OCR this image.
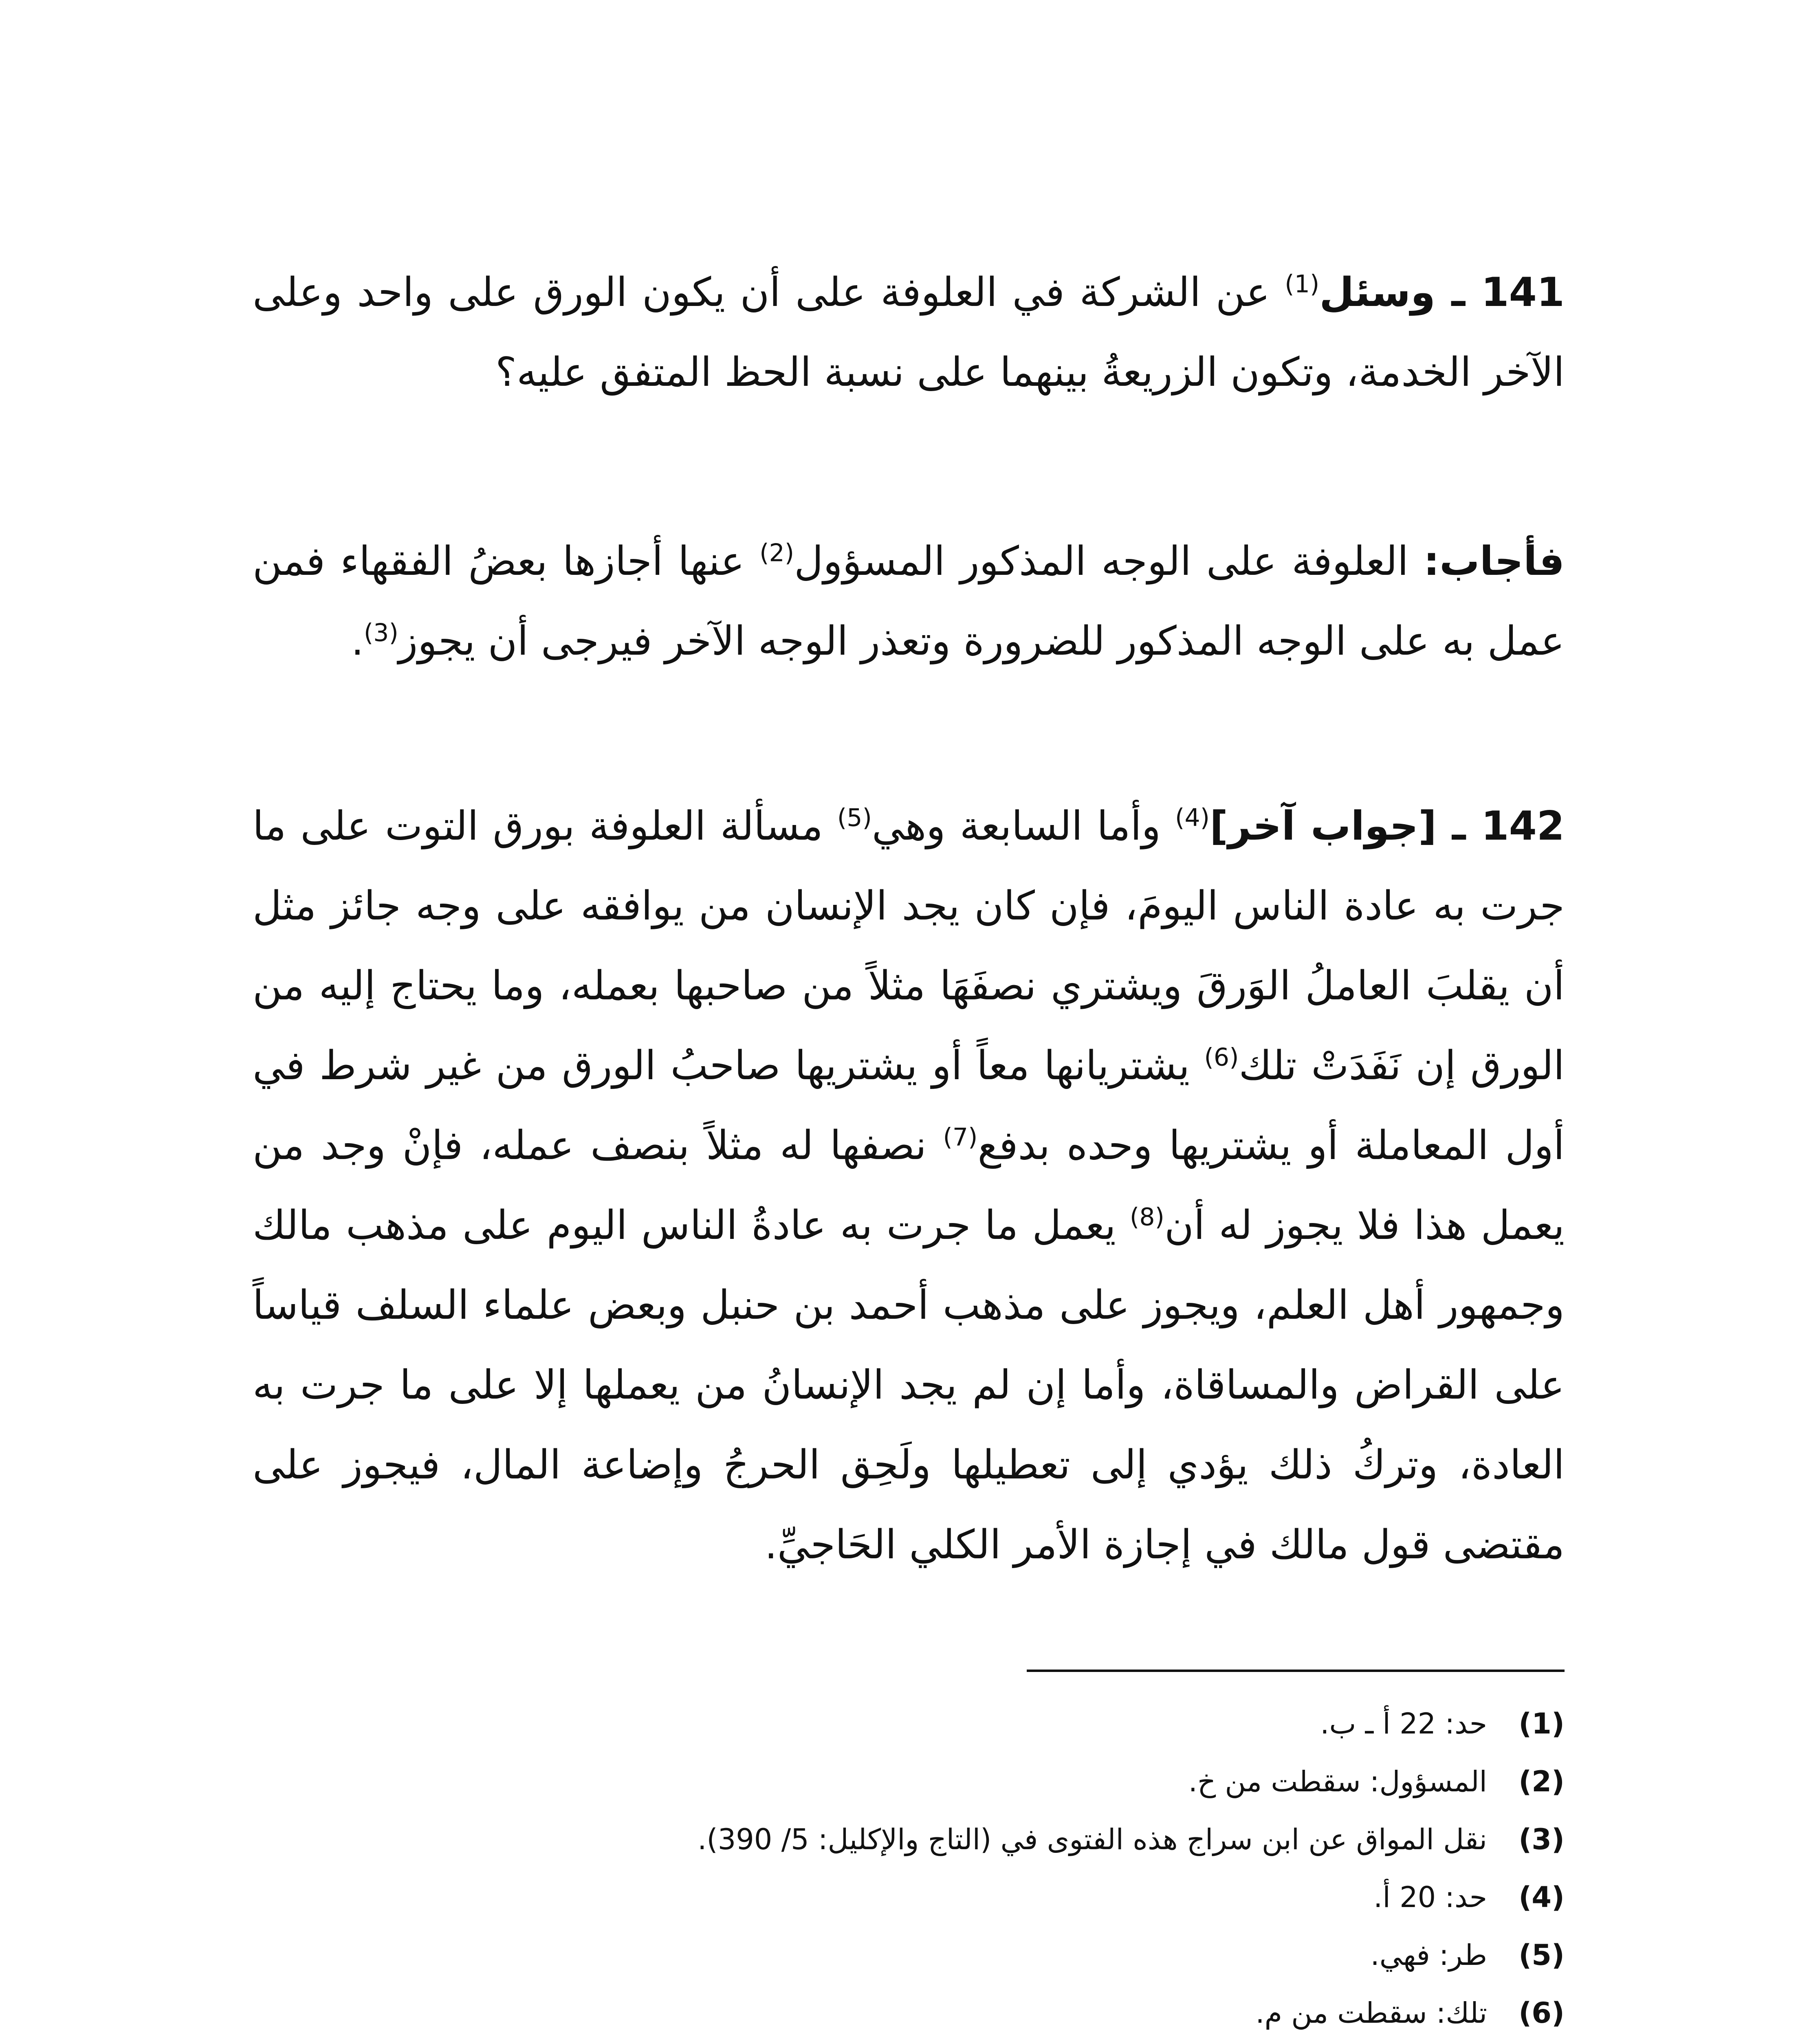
141 ـ وسئل$^{(1)}$ عن الشركة في العلوفة على أن يكون الورق على واحد وعلى الآخر الخدمة، وتكون الزريعةُ بينهما على نسبة الحظ المتفق عليه؟

فأجاب: العلوفة على الوجه المذكور المسؤول$^{(2)}$ عنها أجازها بعضُ الفقهاء فمن عمل به على الوجه المذكور للضرورة وتعذر الوجه الآخر فيرجى أن يجوز$^{(3)}$.

142 ـ [جواب آخر]$^{(4)}$ وأما السابعة وهي$^{(5)}$ مسألة العلوفة بورق التوت على ما جرت به عادة الناس اليومَ، فإن كان يجد الإنسان من يوافقه على وجه جائز مثل أن يقلبَ العاملُ الوَرقَ ويشتري نصفَهَا مثلاً من صاحبها بعمله، وما يحتاج إليه من الورق إن نَفَدَتْ تلك$^{(6)}$ يشتريانها معاً أو يشتريها صاحبُ الورق من غير شرط في أول المعاملة أو يشتريها وحده بدفع$^{(7)}$ نصفها له مثلاً بنصف عمله، فإنْ وجد من يعمل هذا فلا يجوز له أن$^{(8)}$ يعمل ما جرت به عادةُ الناس اليوم على مذهب مالك وجمهور أهل العلم، ويجوز على مذهب أحمد بن حنبل وبعض علماء السلف قياساً على القراض والمساقاة، وأما إن لم يجد الإنسانُ من يعملها إلا على ما جرت به العادة، وتركُ ذلك يؤدي إلى تعطيلها ولَحِق الحرجُ وإضاعة المال، فيجوز على مقتضى قول مالك في إجازة الأمر الكلي الحَاجيِّ.

(1)
حد: 22 أ ـ ب.
(2)
المسؤول: سقطت من خ.
(3)
نقل المواق عن ابن سراج هذه الفتوى في (التاج والإكليل: 5/ 390).
(4)
حد: 20 أ.
(5)
طر: فهي.
(6)
تلك: سقطت من م.
